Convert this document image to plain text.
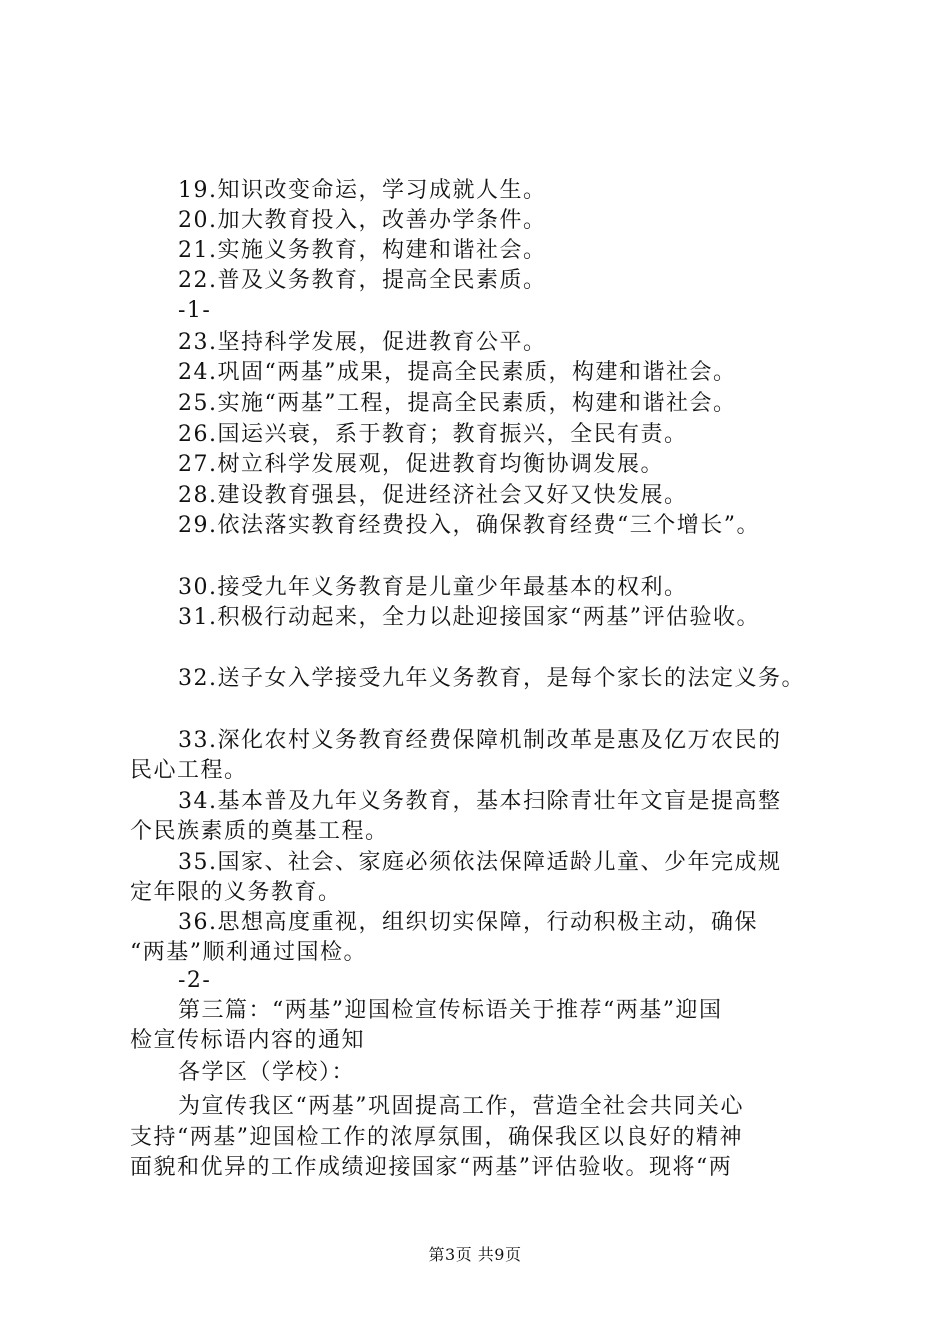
19.知识改变命运，学习成就人生。
20.加大教育投入，改善办学条件。
21.实施义务教育，构建和谐社会。
22.普及义务教育，提高全民素质。
-1-
23.坚持科学发展，促进教育公平。
24.巩固“两基”成果，提高全民素质，构建和谐社会。
25.实施“两基”工程，提高全民素质，构建和谐社会。
26.国运兴衰，系于教育；教育振兴，全民有责。
27.树立科学发展观，促进教育均衡协调发展。
28.建设教育强县，促进经济社会又好又快发展。
29.依法落实教育经费投入，确保教育经费“三个增长”。
30.接受九年义务教育是儿童少年最基本的权利。
31.积极行动起来，全力以赴迎接国家“两基”评估验收。
32.送子女入学接受九年义务教育，是每个家长的法定义务。
33.深化农村义务教育经费保障机制改革是惠及亿万农民的
民心工程。
34.基本普及九年义务教育，基本扫除青壮年文盲是提高整
个民族素质的奠基工程。
35.国家、社会、家庭必须依法保障适龄儿童、少年完成规
定年限的义务教育。
36.思想高度重视，组织切实保障，行动积极主动，确保
“两基”顺利通过国检。
-2-
第三篇：“两基”迎国检宣传标语关于推荐“两基”迎国
检宣传标语内容的通知
各学区（学校）：
为宣传我区“两基”巩固提高工作，营造全社会共同关心
支持“两基”迎国检工作的浓厚氛围，确保我区以良好的精神
面貌和优异的工作成绩迎接国家“两基”评估验收。现将“两
第3页 共9页
